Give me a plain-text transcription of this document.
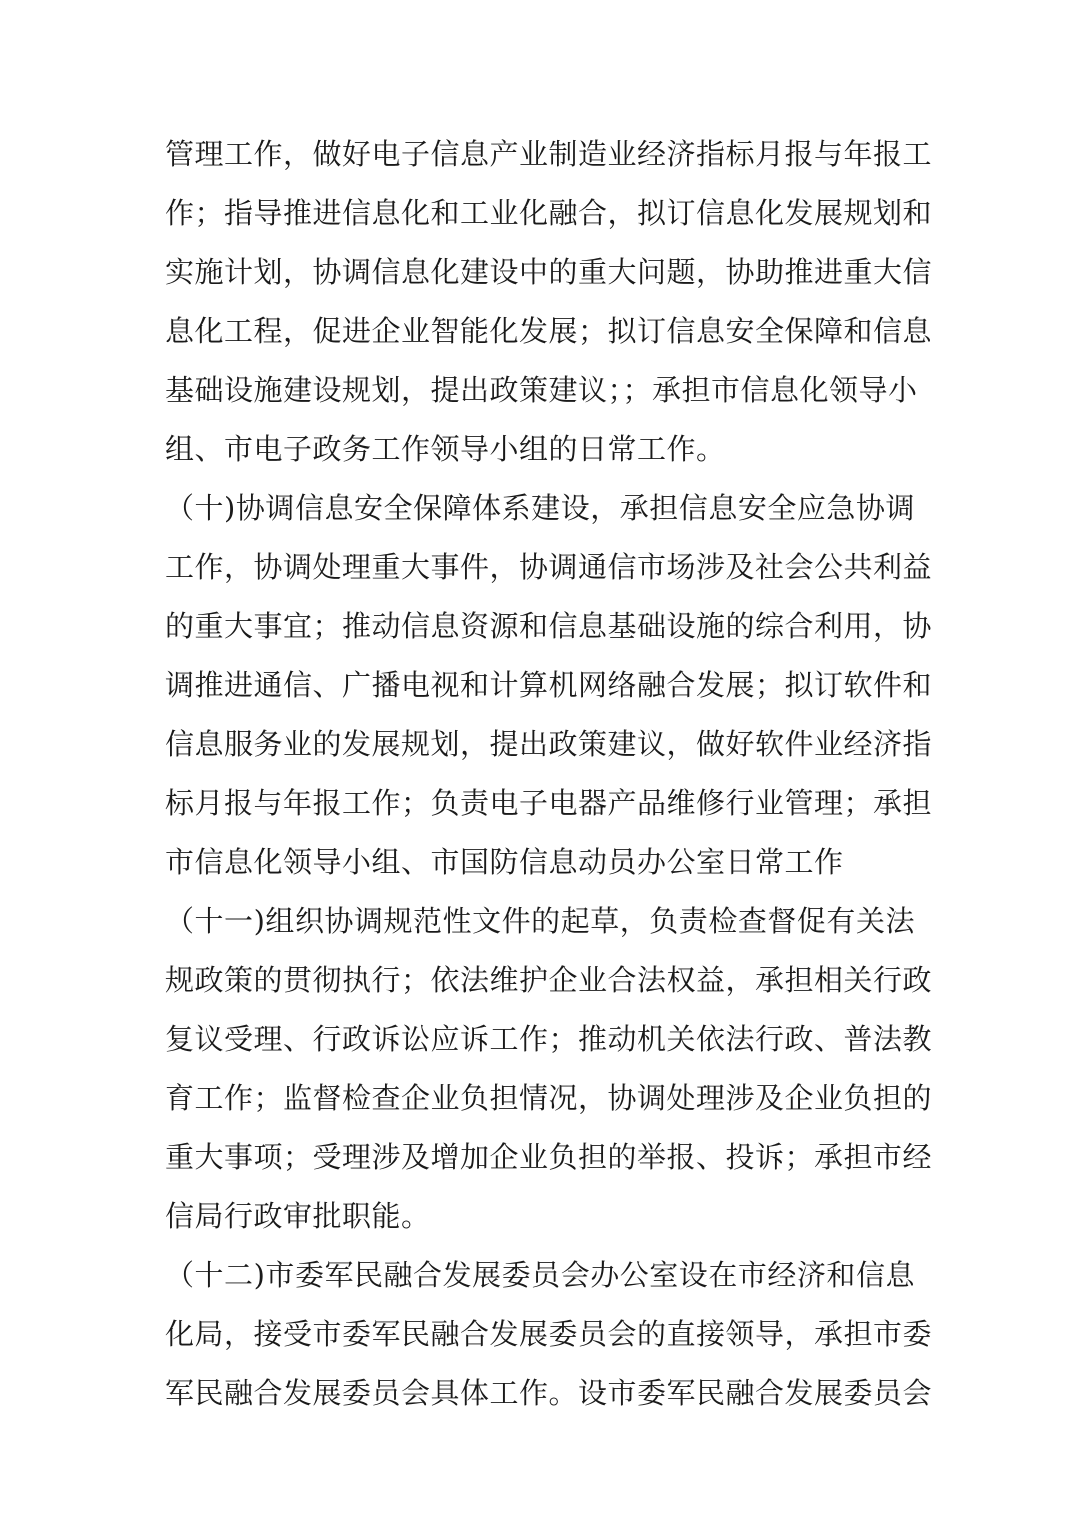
管理工作，做好电子信息产业制造业经济指标月报与年报工
作；指导推进信息化和工业化融合，拟订信息化发展规划和
实施计划，协调信息化建设中的重大问题，协助推进重大信
息化工程，促进企业智能化发展；拟订信息安全保障和信息
基础设施建设规划，提出政策建议；；承担市信息化领导小
组、市电子政务工作领导小组的日常工作。
（十)协调信息安全保障体系建设，承担信息安全应急协调
工作，协调处理重大事件，协调通信市场涉及社会公共利益
的重大事宜；推动信息资源和信息基础设施的综合利用，协
调推进通信、广播电视和计算机网络融合发展；拟订软件和
信息服务业的发展规划，提出政策建议，做好软件业经济指
标月报与年报工作；负责电子电器产品维修行业管理；承担
市信息化领导小组、市国防信息动员办公室日常工作
（十一)组织协调规范性文件的起草，负责检查督促有关法
规政策的贯彻执行；依法维护企业合法权益，承担相关行政
复议受理、行政诉讼应诉工作；推动机关依法行政、普法教
育工作；监督检查企业负担情况，协调处理涉及企业负担的
重大事项；受理涉及增加企业负担的举报、投诉；承担市经
信局行政审批职能。
（十二)市委军民融合发展委员会办公室设在市经济和信息
化局，接受市委军民融合发展委员会的直接领导，承担市委
军民融合发展委员会具体工作。设市委军民融合发展委员会
